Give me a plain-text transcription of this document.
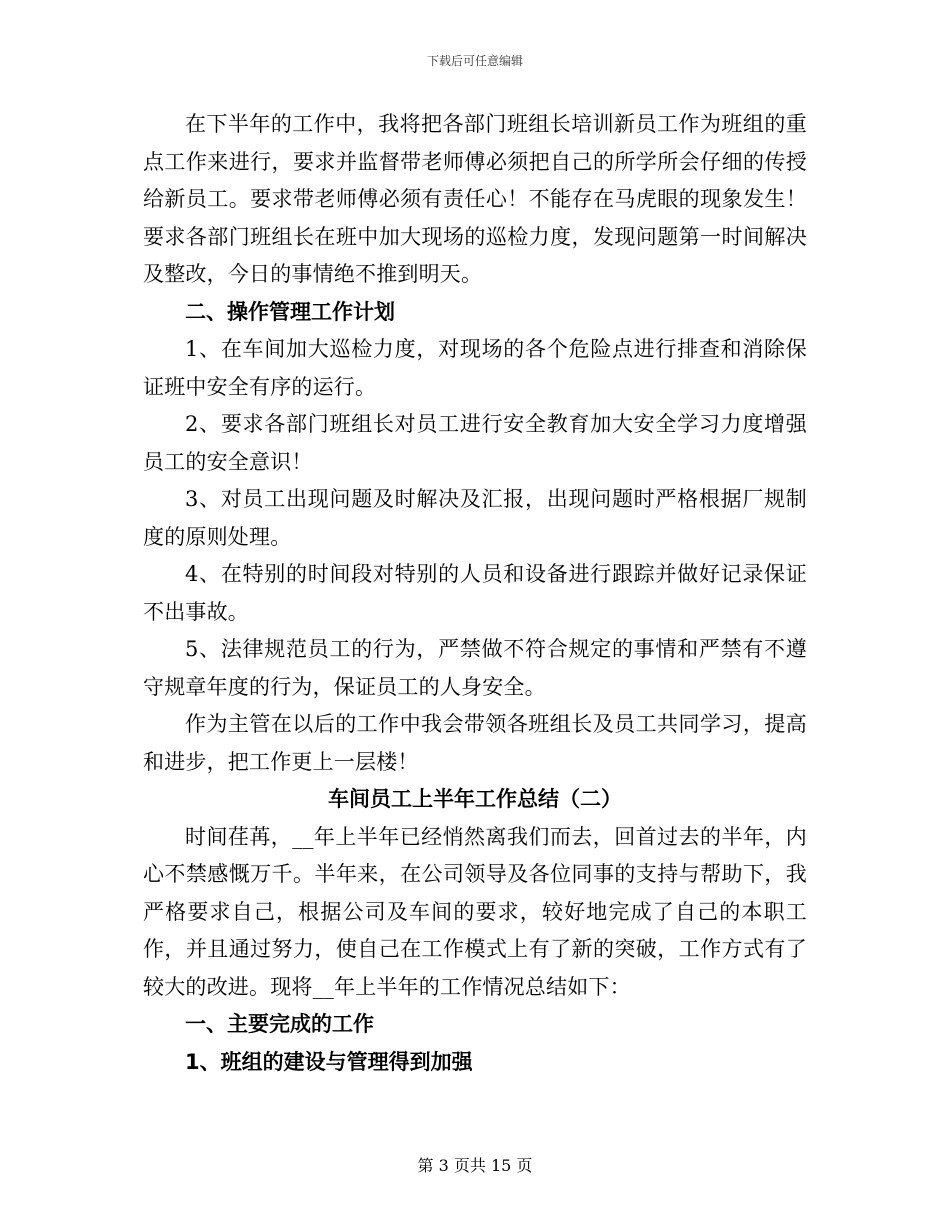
下载后可任意编辑

在下半年的工作中，我将把各部门班组长培训新员工作为班组的重点工作来进行，要求并监督带老师傅必须把自己的所学所会仔细的传授给新员工。要求带老师傅必须有责任心！不能存在马虎眼的现象发生！要求各部门班组长在班中加大现场的巡检力度，发现问题第一时间解决及整改，今日的事情绝不推到明天。

二、操作管理工作计划

1、在车间加大巡检力度，对现场的各个危险点进行排查和消除保证班中安全有序的运行。

2、要求各部门班组长对员工进行安全教育加大安全学习力度增强员工的安全意识！

3、对员工出现问题及时解决及汇报，出现问题时严格根据厂规制度的原则处理。

4、在特别的时间段对特别的人员和设备进行跟踪并做好记录保证不出事故。

5、法律规范员工的行为，严禁做不符合规定的事情和严禁有不遵守规章年度的行为，保证员工的人身安全。

作为主管在以后的工作中我会带领各班组长及员工共同学习，提高和进步，把工作更上一层楼！

车间员工上半年工作总结（二）

时间荏苒，__年上半年已经悄然离我们而去，回首过去的半年，内心不禁感慨万千。半年来，在公司领导及各位同事的支持与帮助下，我严格要求自己，根据公司及车间的要求，较好地完成了自己的本职工作，并且通过努力，使自己在工作模式上有了新的突破，工作方式有了较大的改进。现将__年上半年的工作情况总结如下：

一、主要完成的工作

1、班组的建设与管理得到加强

第 3 页共 15 页
